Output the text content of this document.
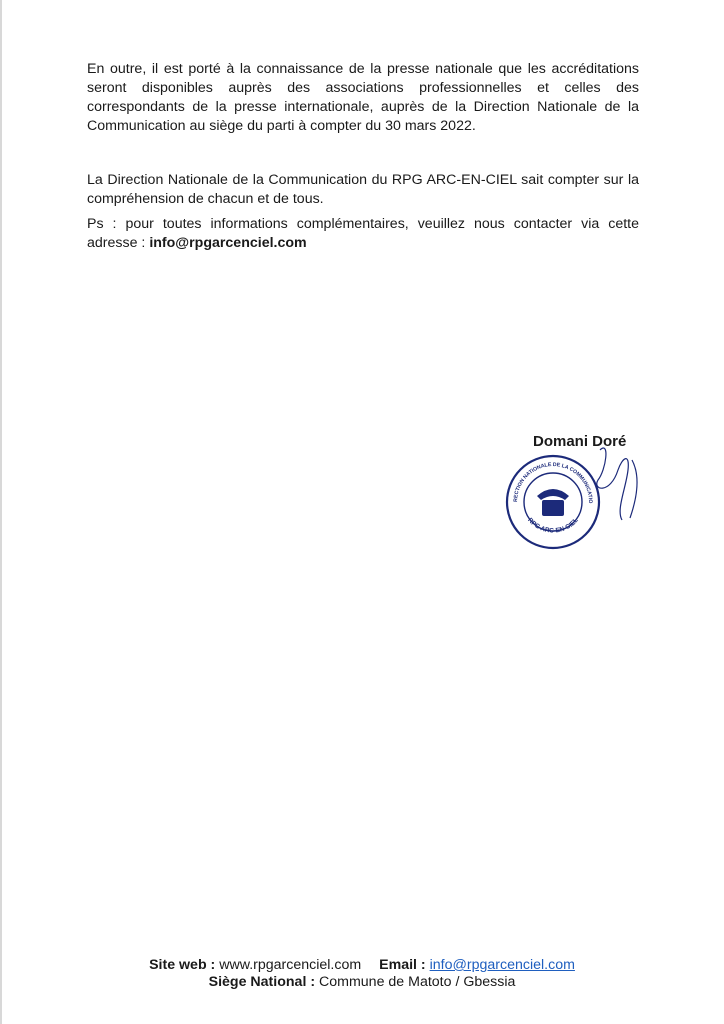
En outre, il est porté à la connaissance de la presse nationale que les accréditations seront disponibles auprès des associations professionnelles et celles des correspondants de la presse internationale, auprès de la Direction Nationale de la Communication au siège du parti à compter du 30 mars 2022.

La Direction Nationale de la Communication du RPG ARC-EN-CIEL sait compter sur la compréhension de chacun et de tous.

Ps : pour toutes informations complémentaires, veuillez nous contacter via cette adresse : info@rpgarcenciel.com

Domani Doré

RECTION NATIONALE DE LA COMMUNICATIO
RPG ARC-EN-CIEL

Site web : www.rpgarcenciel.com Email : info@rpgarcenciel.com

Siège National : Commune de Matoto / Gbessia
